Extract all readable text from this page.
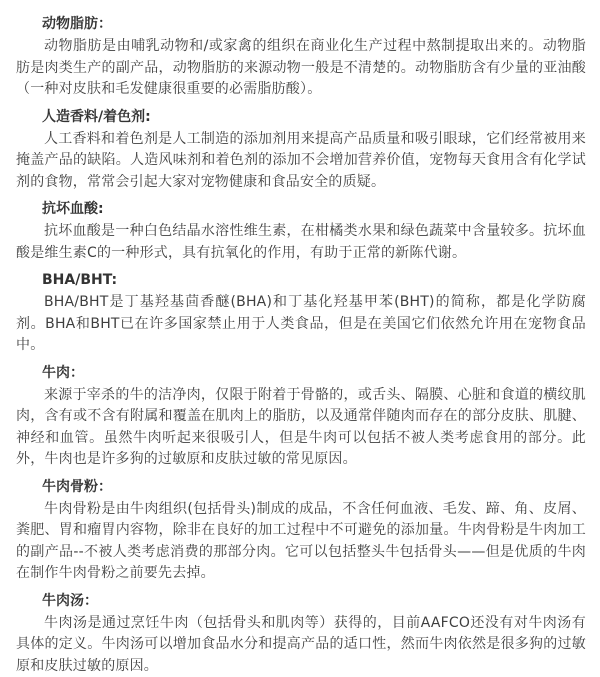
动物脂肪：

动物脂肪是由哺乳动物和/或家禽的组织在商业化生产过程中熬制提取出来的。动物脂肪是肉类生产的副产品，动物脂肪的来源动物一般是不清楚的。动物脂肪含有少量的亚油酸（一种对皮肤和毛发健康很重要的必需脂肪酸）。

人造香料/着色剂:

人工香料和着色剂是人工制造的添加剂用来提高产品质量和吸引眼球，它们经常被用来掩盖产品的缺陷。人造风味剂和着色剂的添加不会增加营养价值，宠物每天食用含有化学试剂的食物，常常会引起大家对宠物健康和食品安全的质疑。

抗坏血酸:

抗坏血酸是一种白色结晶水溶性维生素，在柑橘类水果和绿色蔬菜中含量较多。抗坏血酸是维生素C的一种形式，具有抗氧化的作用，有助于正常的新陈代谢。

BHA/BHT:

BHA/BHT是丁基羟基茴香醚(BHA)和丁基化羟基甲苯(BHT)的简称，都是化学防腐剂。BHA和BHT已在许多国家禁止用于人类食品，但是在美国它们依然允许用在宠物食品中。

牛肉：

来源于宰杀的牛的洁净肉，仅限于附着于骨骼的，或舌头、隔膜、心脏和食道的横纹肌肉，含有或不含有附属和覆盖在肌肉上的脂肪，以及通常伴随肉而存在的部分皮肤、肌腱、神经和血管。虽然牛肉听起来很吸引人，但是牛肉可以包括不被人类考虑食用的部分。此外，牛肉也是许多狗的过敏原和皮肤过敏的常见原因。

牛肉骨粉：

牛肉骨粉是由牛肉组织(包括骨头)制成的成品，不含任何血液、毛发、蹄、角、皮屑、粪肥、胃和瘤胃内容物，除非在良好的加工过程中不可避免的添加量。牛肉骨粉是牛肉加工的副产品--不被人类考虑消费的那部分肉。它可以包括整头牛包括骨头——但是优质的牛肉在制作牛肉骨粉之前要先去掉。

牛肉汤：

牛肉汤是通过烹饪牛肉（包括骨头和肌肉等）获得的，目前AAFCO还没有对牛肉汤有具体的定义。牛肉汤可以增加食品水分和提高产品的适口性，然而牛肉依然是很多狗的过敏原和皮肤过敏的原因。
